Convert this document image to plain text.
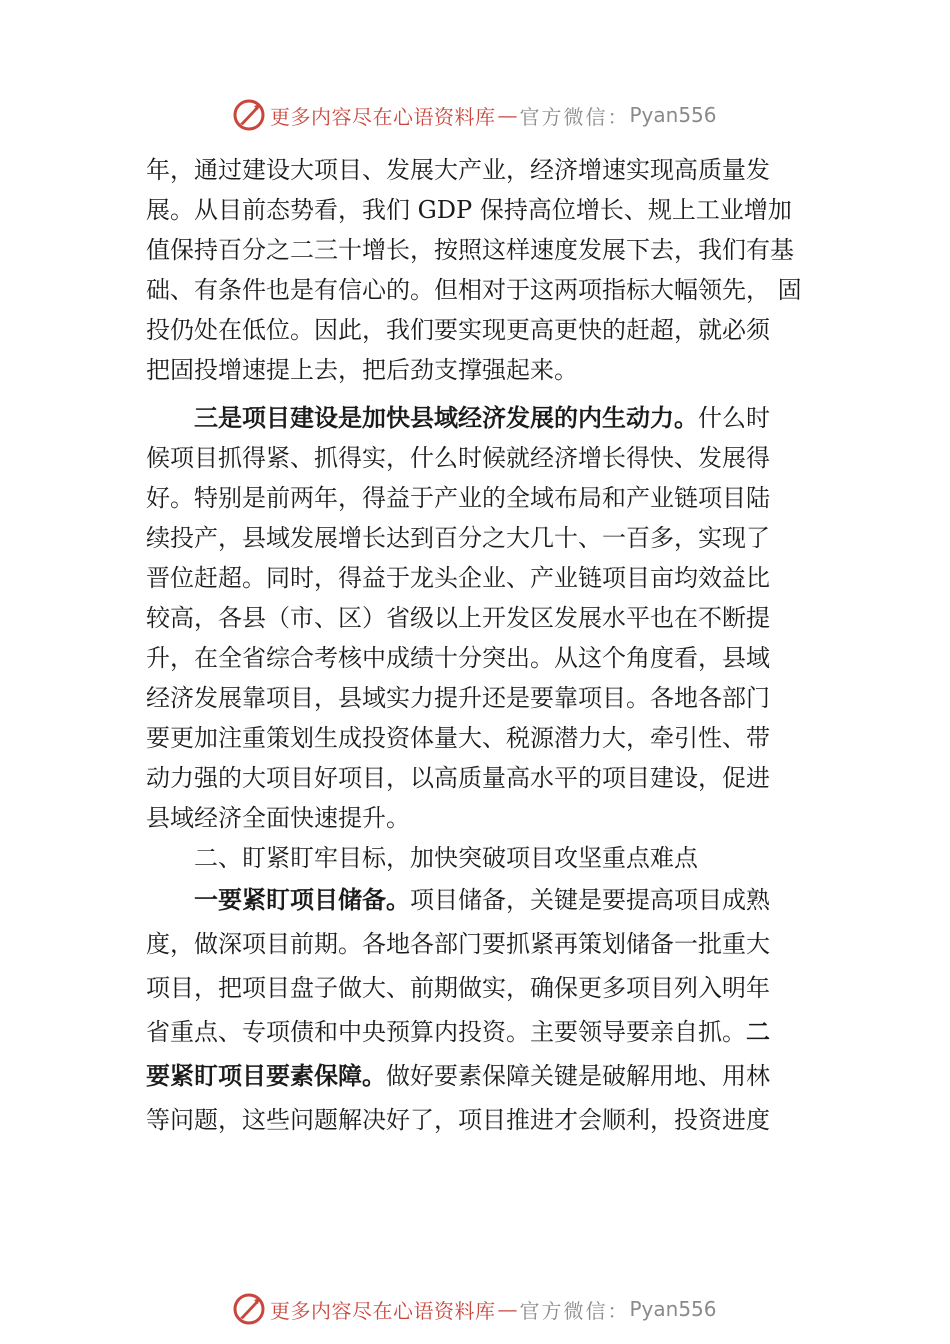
更多内容尽在心语资料库 — 官方微信： Pyan556
年，通过建设大项目、发展大产业，经济增速实现高质量发
展。从目前态势看，我们 GDP 保持高位增长、规上工业增加
值保持百分之二三十增长，按照这样速度发展下去，我们有基
础、有条件也是有信心的。但相对于这两项指标大幅领先， 固
投仍处在低位。因此，我们要实现更高更快的赶超，就必须
把固投增速提上去，把后劲支撑强起来。
三是项目建设是加快县域经济发展的内生动力。什么时
候项目抓得紧、抓得实，什么时候就经济增长得快、发展得
好。特别是前两年，得益于产业的全域布局和产业链项目陆
续投产，县域发展增长达到百分之大几十、一百多，实现了
晋位赶超。同时，得益于龙头企业、产业链项目亩均效益比
较高，各县（市、区）省级以上开发区发展水平也在不断提
升，在全省综合考核中成绩十分突出。从这个角度看，县域
经济发展靠项目，县域实力提升还是要靠项目。各地各部门
要更加注重策划生成投资体量大、税源潜力大，牵引性、带
动力强的大项目好项目，以高质量高水平的项目建设，促进
县域经济全面快速提升。
二、盯紧盯牢目标，加快突破项目攻坚重点难点
一要紧盯项目储备。项目储备，关键是要提高项目成熟
度，做深项目前期。各地各部门要抓紧再策划储备一批重大
项目，把项目盘子做大、前期做实，确保更多项目列入明年
省重点、专项债和中央预算内投资。主要领导要亲自抓。二
要紧盯项目要素保障。做好要素保障关键是破解用地、用林
等问题，这些问题解决好了，项目推进才会顺利，投资进度
更多内容尽在心语资料库 — 官方微信： Pyan556
